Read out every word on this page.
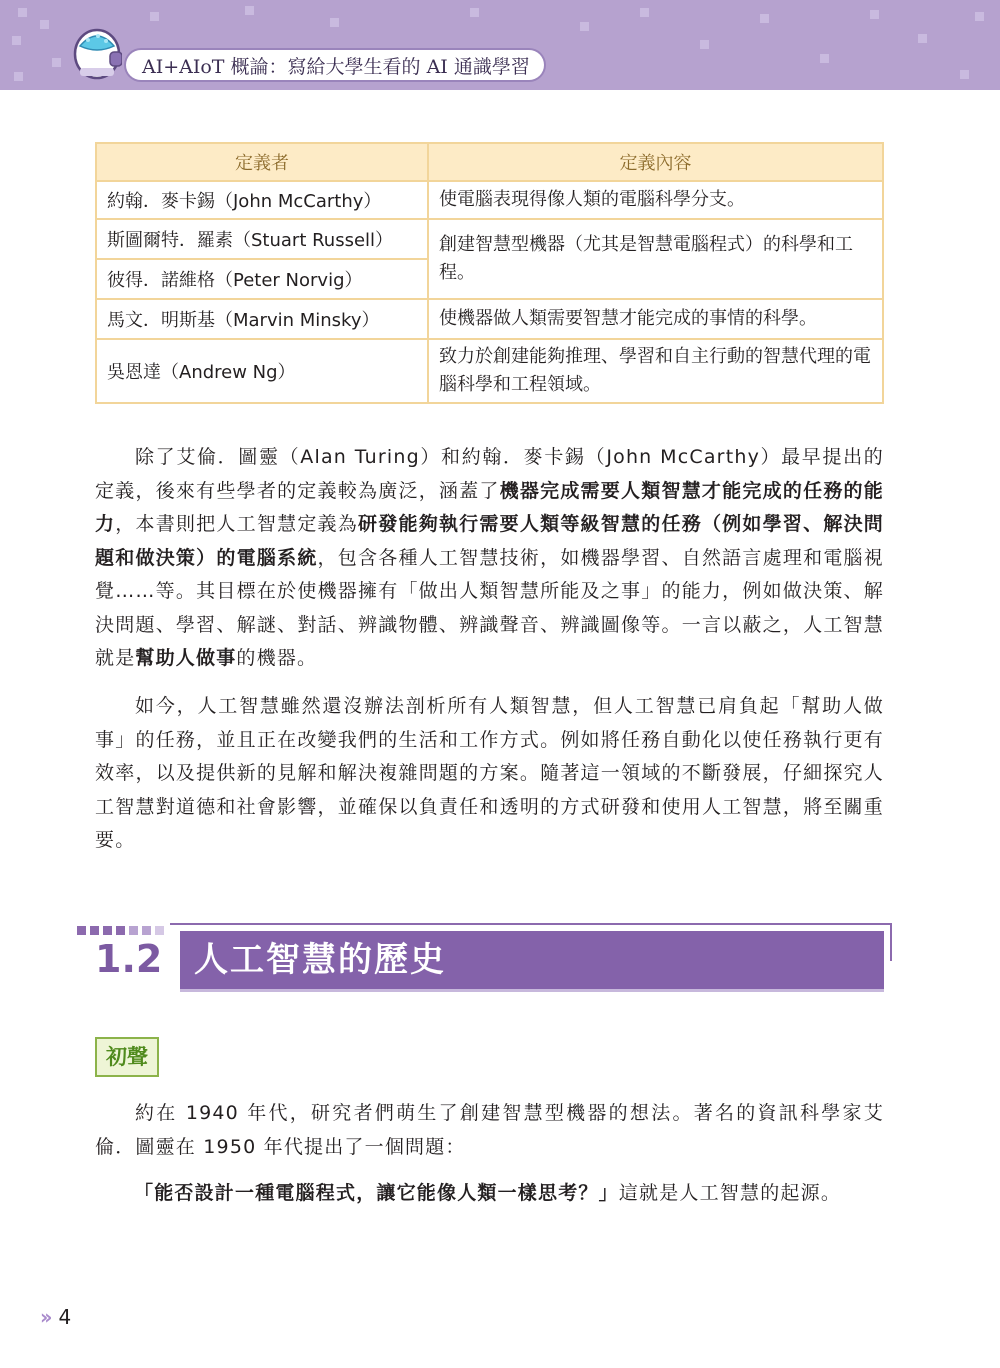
AI+AIoT 概論：寫給大學生看的 AI 通識學習
定義者	定義內容
約翰．麥卡錫（John McCarthy）	使電腦表現得像人類的電腦科學分支。
斯圖爾特．羅素（Stuart Russell）	創建智慧型機器（尤其是智慧電腦程式）的科學和工程。
彼得．諾維格（Peter Norvig）	
馬文．明斯基（Marvin Minsky）	使機器做人類需要智慧才能完成的事情的科學。
吳恩達（Andrew Ng）	致力於創建能夠推理、學習和自主行動的智慧代理的電腦科學和工程領域。
除了艾倫．圖靈（Alan Turing）和約翰．麥卡錫（John McCarthy）最早提出的定義，後來有些學者的定義較為廣泛，涵蓋了機器完成需要人類智慧才能完成的任務的能力，本書則把人工智慧定義為研發能夠執行需要人類等級智慧的任務（例如學習、解決問題和做決策）的電腦系統，包含各種人工智慧技術，如機器學習、自然語言處理和電腦視覺……等。其目標在於使機器擁有「做出人類智慧所能及之事」的能力，例如做決策、解決問題、學習、解謎、對話、辨識物體、辨識聲音、辨識圖像等。一言以蔽之，人工智慧就是幫助人做事的機器。
如今，人工智慧雖然還沒辦法剖析所有人類智慧，但人工智慧已肩負起「幫助人做事」的任務，並且正在改變我們的生活和工作方式。例如將任務自動化以使任務執行更有效率，以及提供新的見解和解決複雜問題的方案。隨著這一領域的不斷發展，仔細探究人工智慧對道德和社會影響，並確保以負責任和透明的方式研發和使用人工智慧，將至關重要。
1.2 人工智慧的歷史
初聲
約在 1940 年代，研究者們萌生了創建智慧型機器的想法。著名的資訊科學家艾倫．圖靈在 1950 年代提出了一個問題：
「能否設計一種電腦程式，讓它能像人類一樣思考？」這就是人工智慧的起源。
›› 4
